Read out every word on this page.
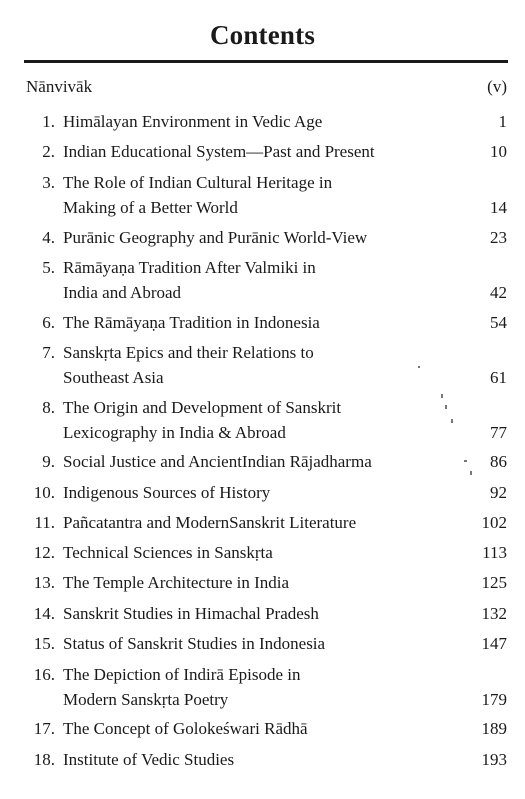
Contents
Nānvivāk	(v)
1. Himālayan Environment in Vedic Age	1
2. Indian Educational System—Past and Present	10
3. The Role of Indian Cultural Heritage in
Making of a Better World	14
4. Purānic Geography and Purānic World-View	23
5. Rāmāyaṇa Tradition After Valmiki in
India and Abroad	42
6. The Rāmāyaṇa Tradition in Indonesia	54
7. Sanskṛta Epics and their Relations to
Southeast Asia	61
8. The Origin and Development of Sanskrit
Lexicography in India & Abroad	77
9. Social Justice and AncientIndian Rājadharma	86
10. Indigenous Sources of History	92
11. Pañcatantra and ModernSanskrit Literature	102
12. Technical Sciences in Sanskṛta	113
13. The Temple Architecture in India	125
14. Sanskrit Studies in Himachal Pradesh	132
15. Status of Sanskrit Studies in Indonesia	147
16. The Depiction of Indirā Episode in
Modern Sanskṛta Poetry	179
17. The Concept of Golokeśwari Rādhā	189
18. Institute of Vedic Studies	193
